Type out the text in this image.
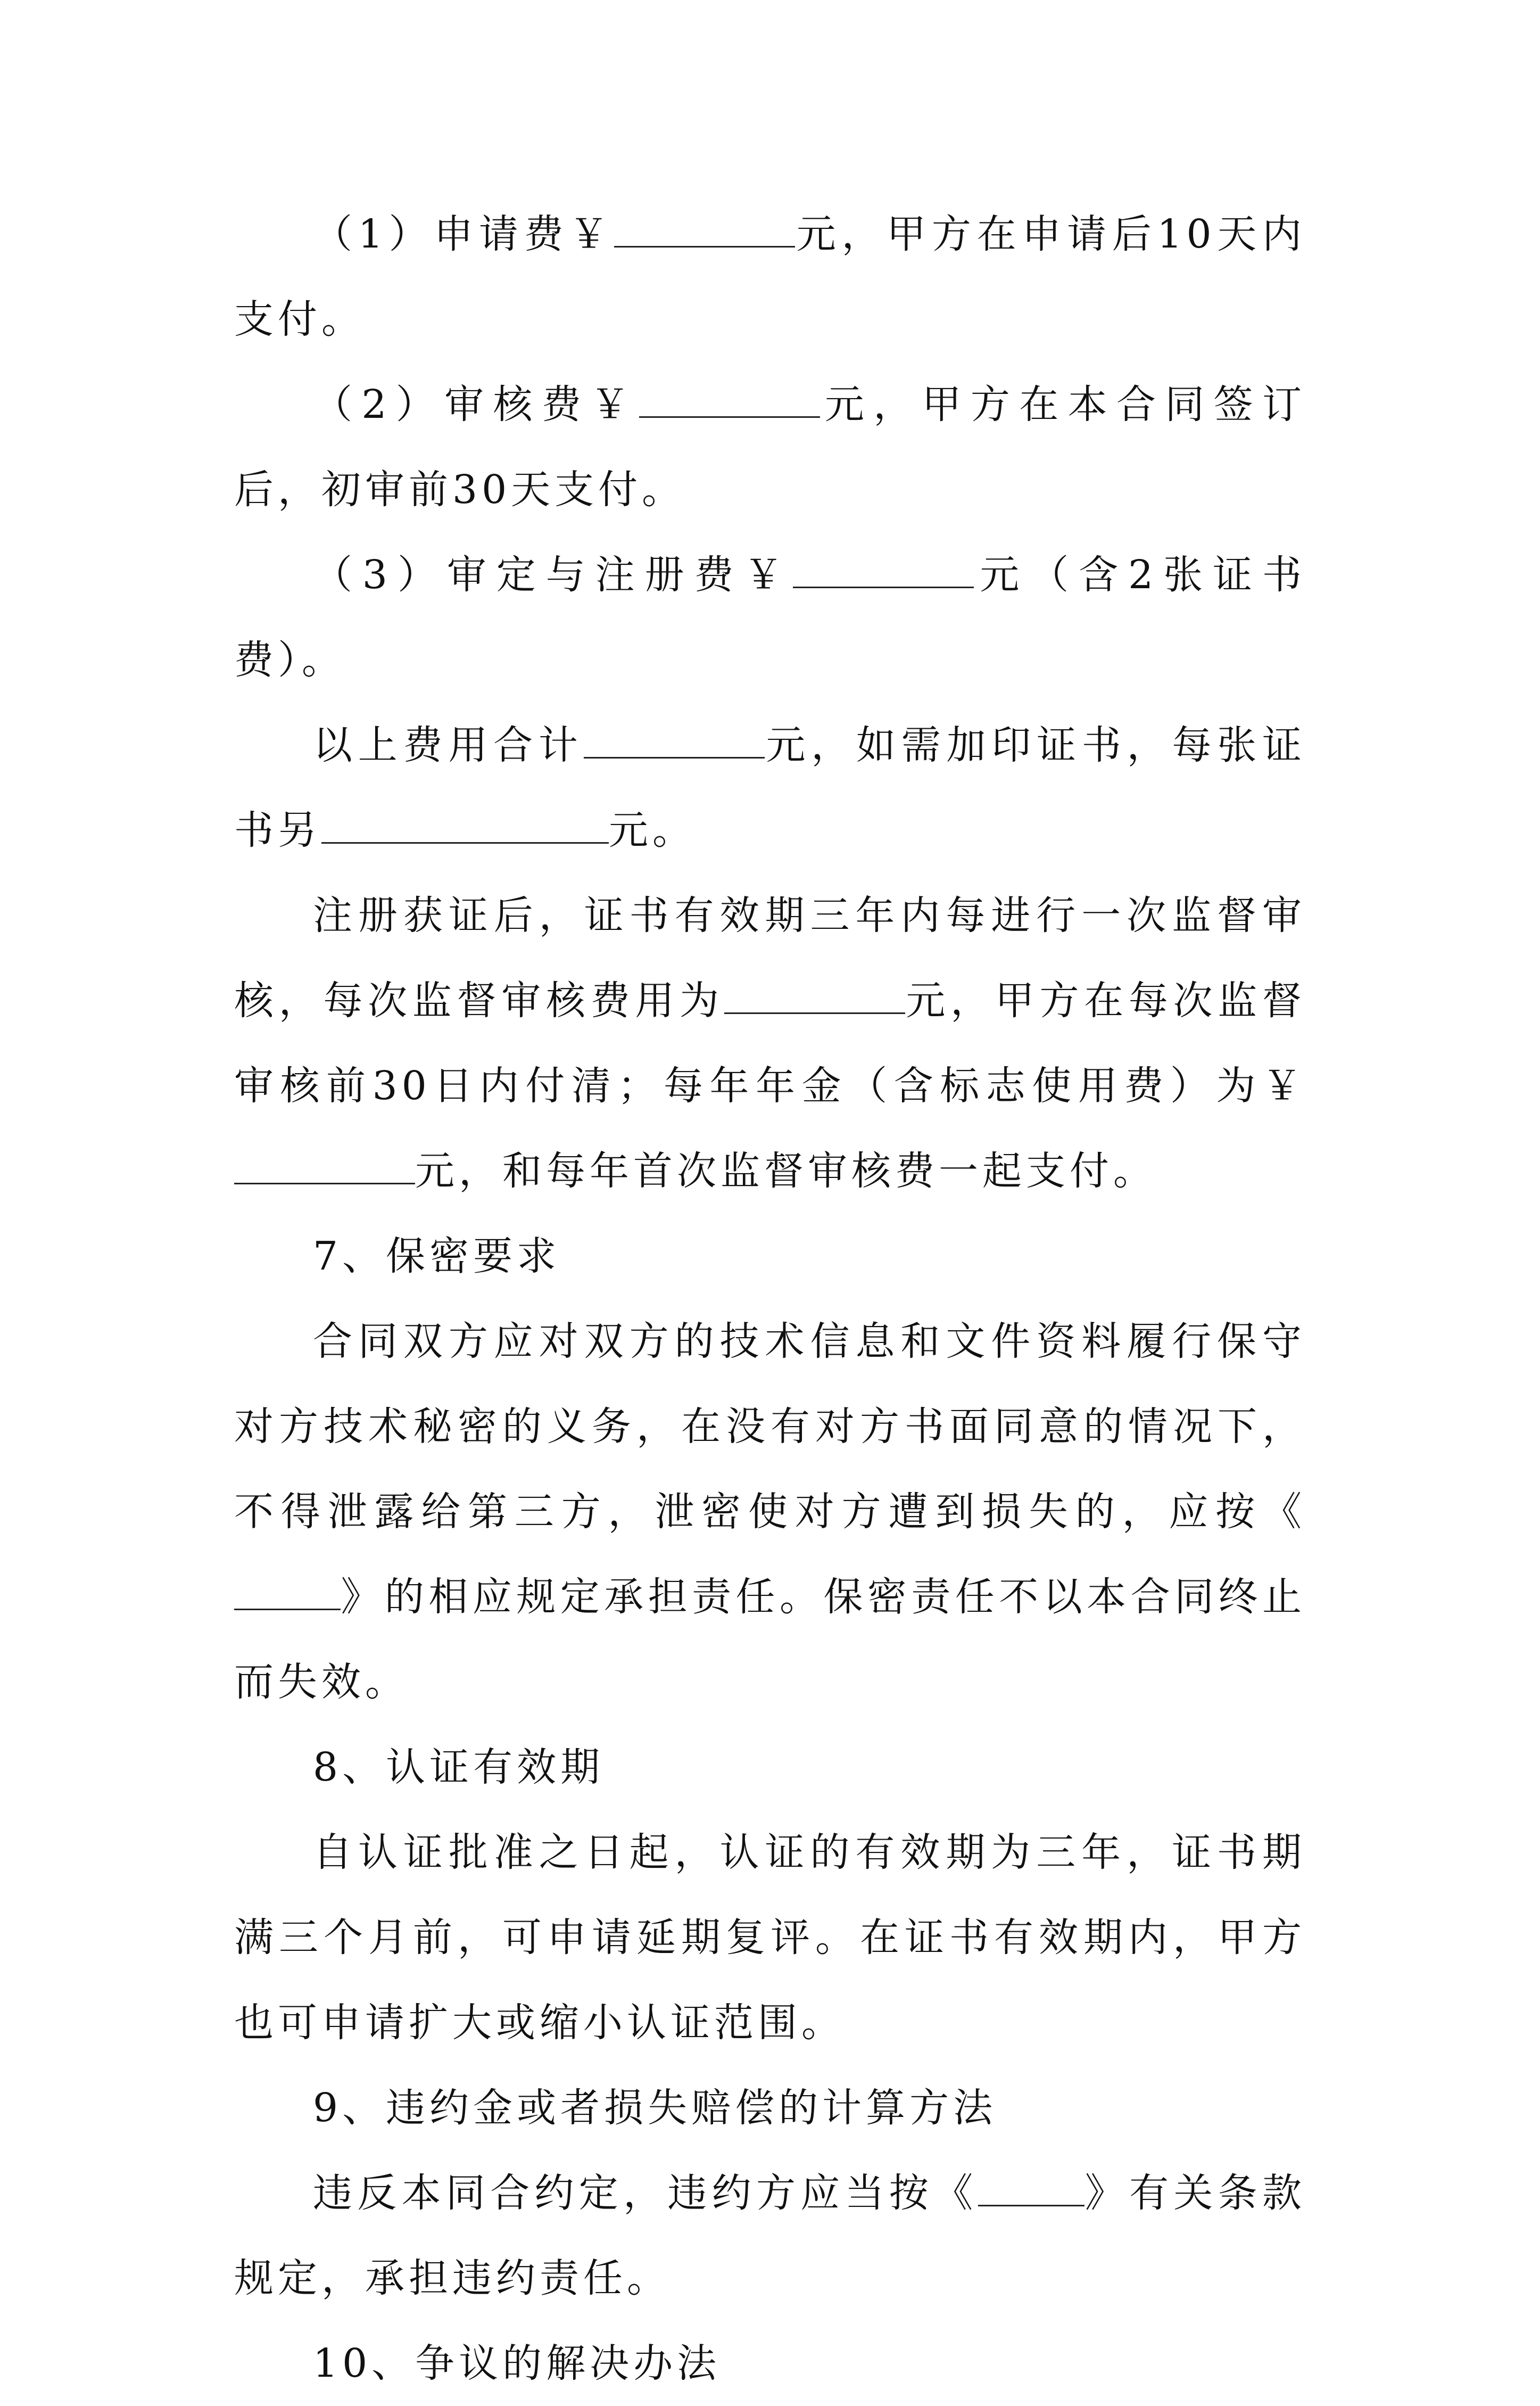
（1）申请费￥	元，甲方在申请后10天内支付。

（2）审核费￥	元，甲方在本合同签订后，初审前30天支付。

（3）审定与注册费￥	元（含2张证书费）。

以上费用合计	元，如需加印证书，每张证书另	元。

注册获证后，证书有效期三年内每进行一次监督审核，每次监督审核费用为	元，甲方在每次监督审核前30日内付清；每年年金（含标志使用费）为￥元，和每年首次监督审核费一起支付。

7、保密要求

合同双方应对双方的技术信息和文件资料履行保守对方技术秘密的义务，在没有对方书面同意的情况下，不得泄露给第三方，泄密使对方遭到损失的，应按《》的相应规定承担责任。保密责任不以本合同终止而失效。

8、认证有效期

自认证批准之日起，认证的有效期为三年，证书期满三个月前，可申请延期复评。在证书有效期内，甲方也可申请扩大或缩小认证范围。

9、违约金或者损失赔偿的计算方法

违反本同合约定，违约方应当按《	》有关条款规定，承担违约责任。

10、争议的解决办法
